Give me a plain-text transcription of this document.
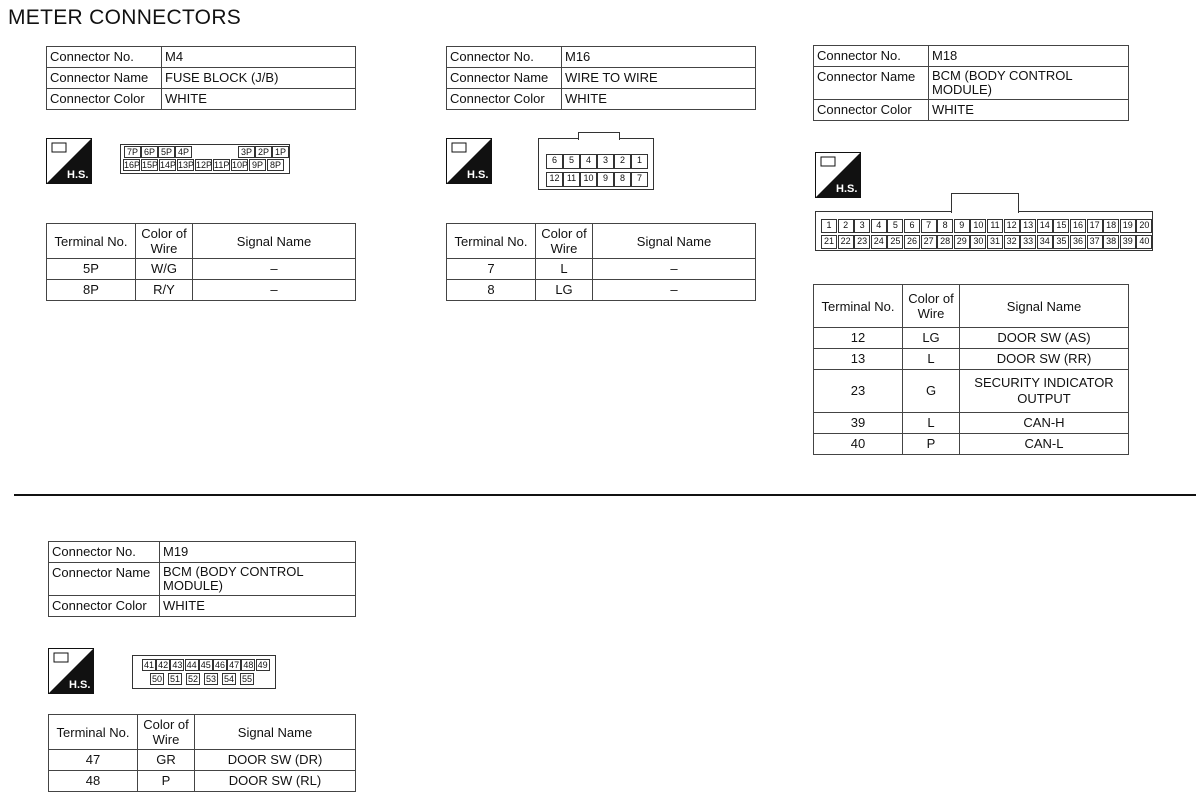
METER CONNECTORS
Connector No.	M4
Connector Name	FUSE BLOCK (J/B)
Connector Color	WHITE
H.S.
7P 6P 5P 4P	3P 2P 1P
16P 15P 14P 13P 12P 11P 10P 9P 8P
Terminal No.	Color of Wire	Signal Name
5P	W/G	–
8P	R/Y	–
Connector No.	M16
Connector Name	WIRE TO WIRE
Connector Color	WHITE
H.S.
6	5	4	3	2	1
12 11 10	9	8	7
Terminal No.	Color of Wire	Signal Name
7	L	–
8	LG	–
Connector No.	M18
Connector Name	BCM (BODY CONTROL MODULE)
Connector Color	WHITE
H.S.
1	2	3	4	5	6	7	8	9	10 11 12 13 14 15 16 17 18 19 20
21 22 23 24 25 26 27 28 29 30 31 32 33 34 35 36 37 38 39 40
Terminal No.	Color of Wire	Signal Name
12	LG	DOOR SW (AS)
13	L	DOOR SW (RR)
23	G	SECURITY INDICATOR OUTPUT
39	L	CAN-H
40	P	CAN-L
Connector No.	M19
Connector Name	BCM (BODY CONTROL MODULE)
Connector Color	WHITE
H.S.
41 42 43 44 45 46 47 48 49
50 51 52 53 54 55
Terminal No.	Color of Wire	Signal Name
47	GR	DOOR SW (DR)
48	P	DOOR SW (RL)
